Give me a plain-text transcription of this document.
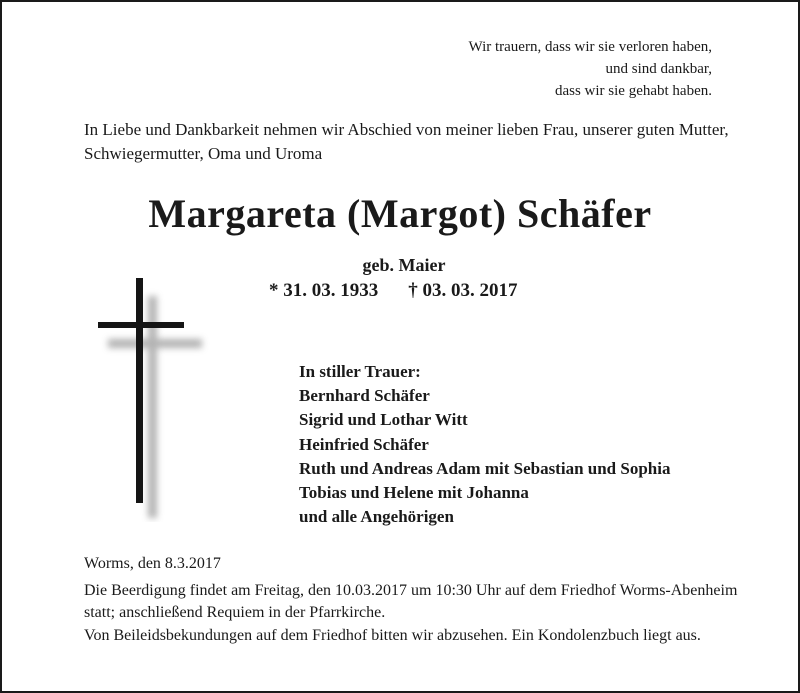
Wir trauern, dass wir sie verloren haben,
und sind dankbar,
dass wir sie gehabt haben.
In Liebe und Dankbarkeit nehmen wir Abschied von meiner lieben Frau, unserer guten Mutter, Schwiegermutter, Oma und Uroma
Margareta (Margot) Schäfer
geb. Maier
* 31. 03. 1933 † 03. 03. 2017
In stiller Trauer:
Bernhard Schäfer
Sigrid und Lothar Witt
Heinfried Schäfer
Ruth und Andreas Adam mit Sebastian und Sophia
Tobias und Helene mit Johanna
und alle Angehörigen

Worms, den 8.3.2017

Die Beerdigung findet am Freitag, den 10.03.2017 um 10:30 Uhr auf dem Friedhof Worms-Abenheim statt; anschließend Requiem in der Pfarrkirche.

Von Beileidsbekundungen auf dem Friedhof bitten wir abzusehen. Ein Kondolenzbuch liegt aus.
